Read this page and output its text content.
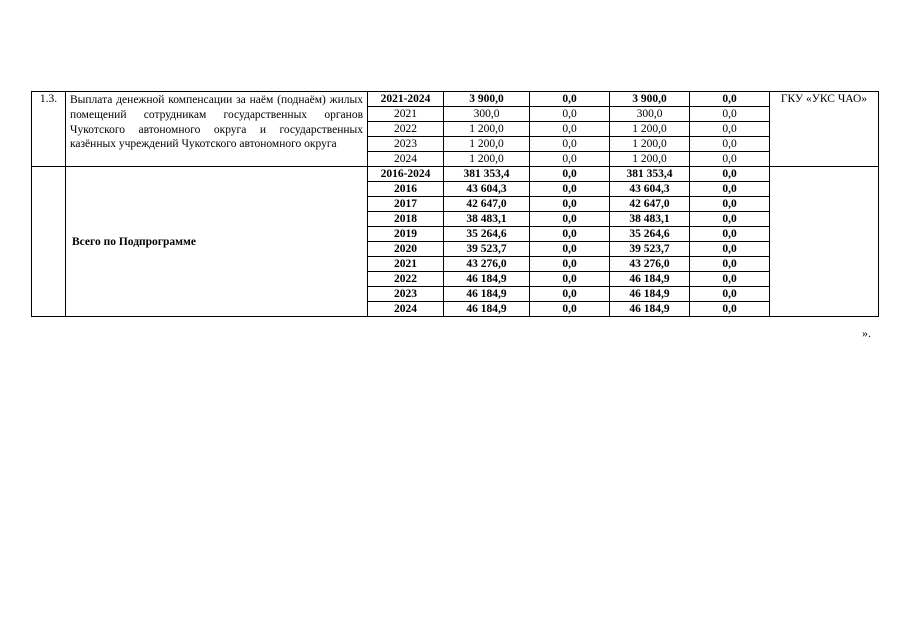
1.3.	Выплата денежной компенсации за наём (поднаём) жилых помещений сотрудникам государственных органов Чукотского автономного округа и государственных казённых учреждений Чукотского автономного округа	2021-2024	3 900,0	0,0	3 900,0	0,0	ГКУ «УКС ЧАО»
		2021	300,0	0,0	300,0	0,0	
		2022	1 200,0	0,0	1 200,0	0,0	
		2023	1 200,0	0,0	1 200,0	0,0	
		2024	1 200,0	0,0	1 200,0	0,0	
	Всего по Подпрограмме	2016-2024	381 353,4	0,0	381 353,4	0,0	
		2016	43 604,3	0,0	43 604,3	0,0	
		2017	42 647,0	0,0	42 647,0	0,0	
		2018	38 483,1	0,0	38 483,1	0,0	
		2019	35 264,6	0,0	35 264,6	0,0	
		2020	39 523,7	0,0	39 523,7	0,0	
		2021	43 276,0	0,0	43 276,0	0,0	
		2022	46 184,9	0,0	46 184,9	0,0	
		2023	46 184,9	0,0	46 184,9	0,0	
		2024	46 184,9	0,0	46 184,9	0,0	
».
